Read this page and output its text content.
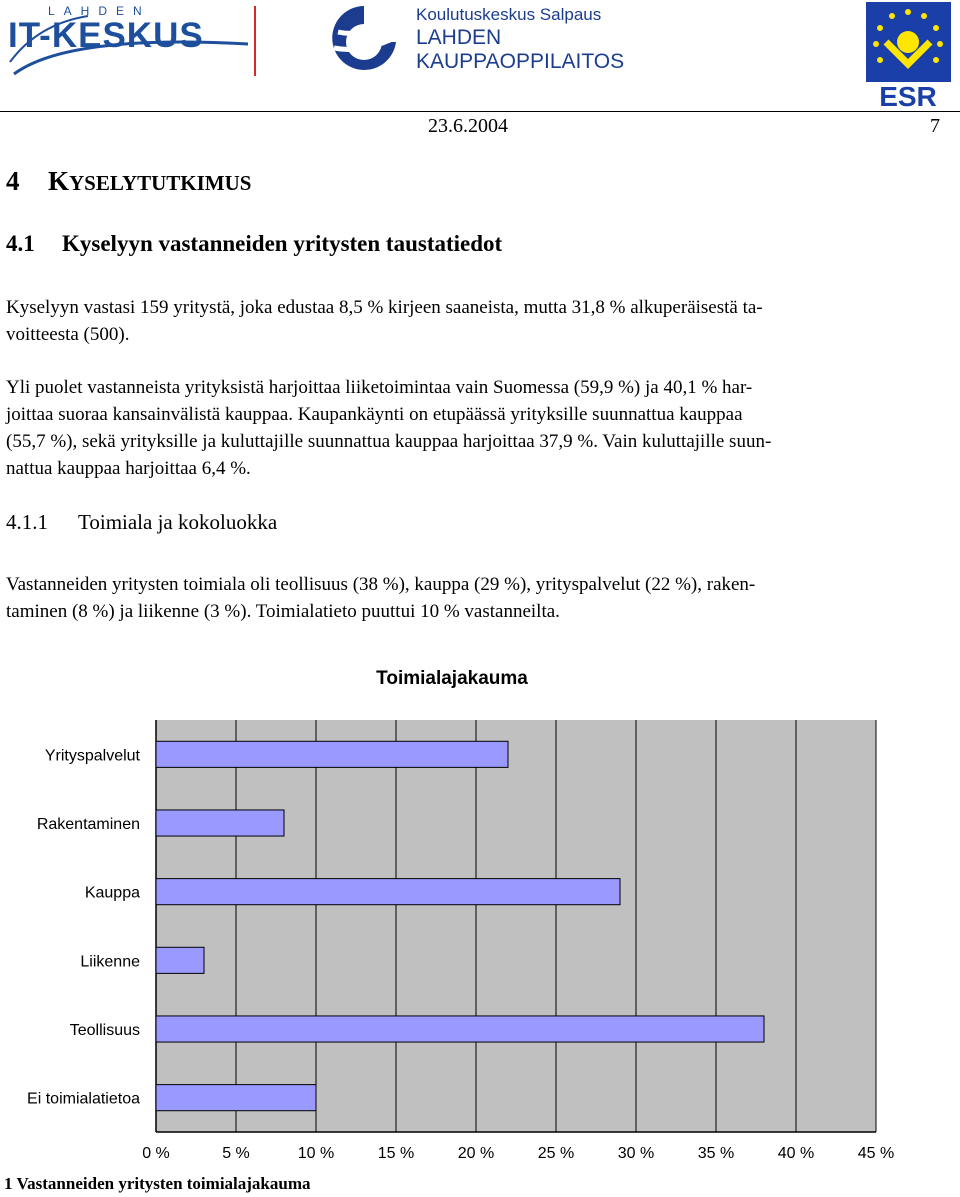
LAHDEN
IT-KESKUS
Koulutuskeskus Salpaus
LAHDEN
KAUPPAOPPILAITOS
ESR
23.6.2004	7
4 KYSELYTUTKIMUS
4.1 Kyselyyn vastanneiden yritysten taustatiedot

Kyselyyn vastasi 159 yritystä, joka edustaa 8,5 % kirjeen saaneista, mutta 31,8 % alkuperäisestä ta-
voitteesta (500).

Yli puolet vastanneista yrityksistä harjoittaa liiketoimintaa vain Suomessa (59,9 %) ja 40,1 % har-
joittaa suoraa kansainvälistä kauppaa. Kaupankäynti on etupäässä yrityksille suunnattua kauppaa
(55,7 %), sekä yrityksille ja kuluttajille suunnattua kauppaa harjoittaa 37,9 %. Vain kuluttajille suun-
nattua kauppaa harjoittaa 6,4 %.

4.1.1 Toimiala ja kokoluokka

Vastanneiden yritysten toimiala oli teollisuus (38 %), kauppa (29 %), yrityspalvelut (22 %), raken-
taminen (8 %) ja liikenne (3 %). Toimialatieto puuttui 10 % vastanneilta.

Toimialajakauma
0 %	5 %	10 %	15 %	20 %	25 %	30 %	35 %	40 %	45 %
Yrityspalvelut
Rakentaminen
Kauppa
Liikenne
Teollisuus
Ei toimialatietoa
1 Vastanneiden yritysten toimialajakauma
